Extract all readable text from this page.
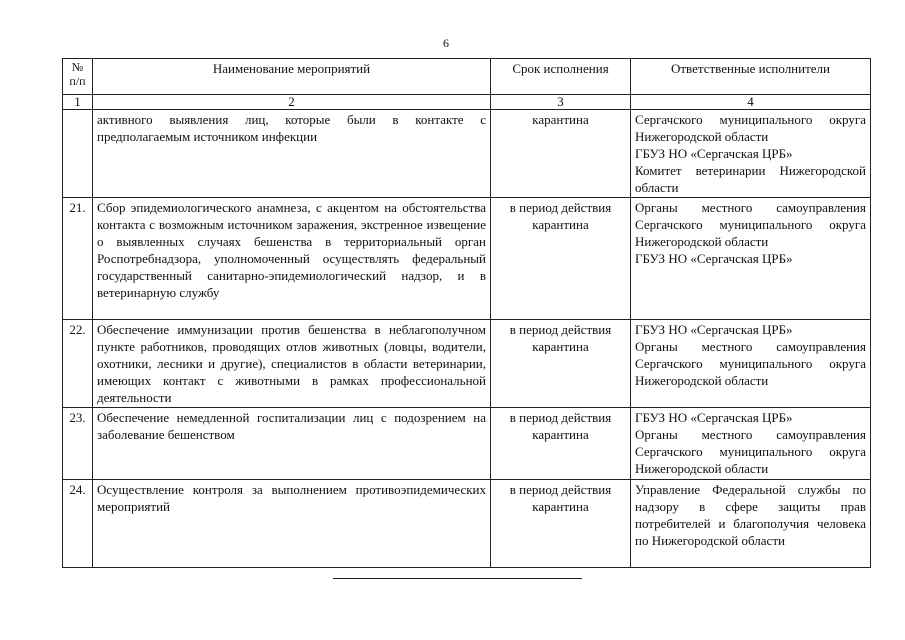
6
№ п/п	Наименование мероприятий	Срок исполнения	Ответственные исполнители
1	2	3	4
	активного выявления лиц, которые были в контакте с предполагаемым источником инфекции	карантина	Сергачского муниципального округа Нижегородской области
ГБУЗ НО «Сергачская ЦРБ»
Комитет ветеринарии Нижегородской области

21.	Сбор эпидемиологического анамнеза, с акцентом на обстоятельства контакта с возможным источником заражения, экстренное извещение о выявленных случаях бешенства в территориальный орган Роспотребнадзора, уполномоченный осуществлять федеральный государственный санитарно-эпидемиологический надзор, и в ветеринарную службу	в период действия карантина	Органы местного самоуправления Сергачского муниципального округа Нижегородской области
ГБУЗ НО «Сергачская ЦРБ»

22.	Обеспечение иммунизации против бешенства в неблагополучном пункте работников, проводящих отлов животных (ловцы, водители, охотники, лесники и другие), специалистов в области ветеринарии, имеющих контакт с животными в рамках профессиональной деятельности	в период действия карантина	ГБУЗ НО «Сергачская ЦРБ»
Органы местного самоуправления Сергачского муниципального округа Нижегородской области

23.	Обеспечение немедленной госпитализации лиц с подозрением на заболевание бешенством	в период действия карантина	ГБУЗ НО «Сергачская ЦРБ»
Органы местного самоуправления Сергачского муниципального округа Нижегородской области

24.	Осуществление контроля за выполнением противоэпидемических мероприятий	в период действия карантина	Управление Федеральной службы по надзору в сфере защиты прав потребителей и благополучия человека по Нижегородской области
